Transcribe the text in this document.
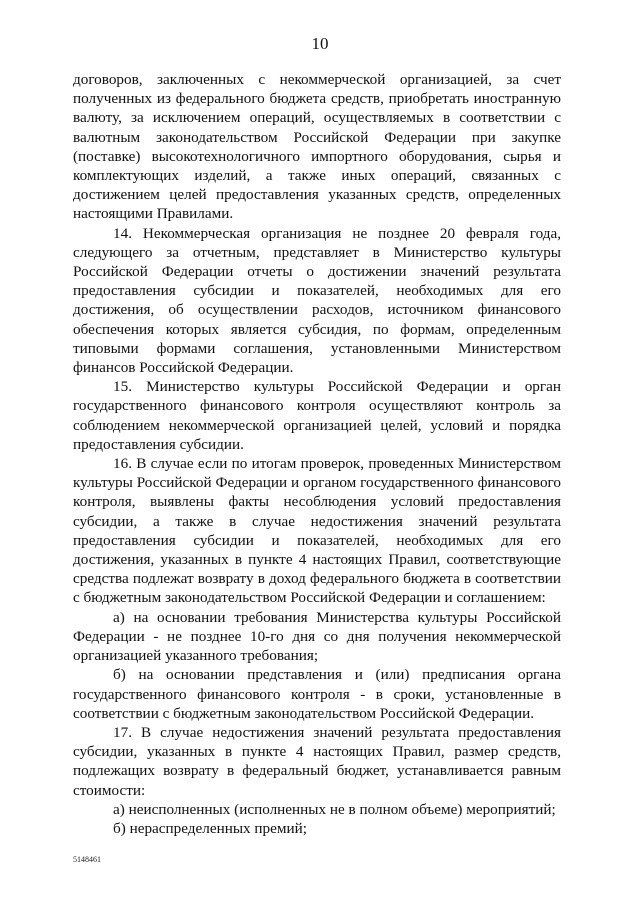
10

договоров, заключенных с некоммерческой организацией, за счет полученных из федерального бюджета средств, приобретать иностранную валюту, за исключением операций, осуществляемых в соответствии с валютным законодательством Российской Федерации при закупке (поставке) высокотехнологичного импортного оборудования, сырья и комплектующих изделий, а также иных операций, связанных с достижением целей предоставления указанных средств, определенных настоящими Правилами.

14. Некоммерческая организация не позднее 20 февраля года, следующего за отчетным, представляет в Министерство культуры Российской Федерации отчеты о достижении значений результата предоставления субсидии и показателей, необходимых для его достижения, об осуществлении расходов, источником финансового обеспечения которых является субсидия, по формам, определенным типовыми формами соглашения, установленными Министерством финансов Российской Федерации.

15. Министерство культуры Российской Федерации и орган государственного финансового контроля осуществляют контроль за соблюдением некоммерческой организацией целей, условий и порядка предоставления субсидии.

16. В случае если по итогам проверок, проведенных Министерством культуры Российской Федерации и органом государственного финансового контроля, выявлены факты несоблюдения условий предоставления субсидии, а также в случае недостижения значений результата предоставления субсидии и показателей, необходимых для его достижения, указанных в пункте 4 настоящих Правил, соответствующие средства подлежат возврату в доход федерального бюджета в соответствии с бюджетным законодательством Российской Федерации и соглашением:

а) на основании требования Министерства культуры Российской Федерации - не позднее 10-го дня со дня получения некоммерческой организацией указанного требования;

б) на основании представления и (или) предписания органа государственного финансового контроля - в сроки, установленные в соответствии с бюджетным законодательством Российской Федерации.

17. В случае недостижения значений результата предоставления субсидии, указанных в пункте 4 настоящих Правил, размер средств, подлежащих возврату в федеральный бюджет, устанавливается равным стоимости:

а) неисполненных (исполненных не в полном объеме) мероприятий;

б) нераспределенных премий;

5148461
